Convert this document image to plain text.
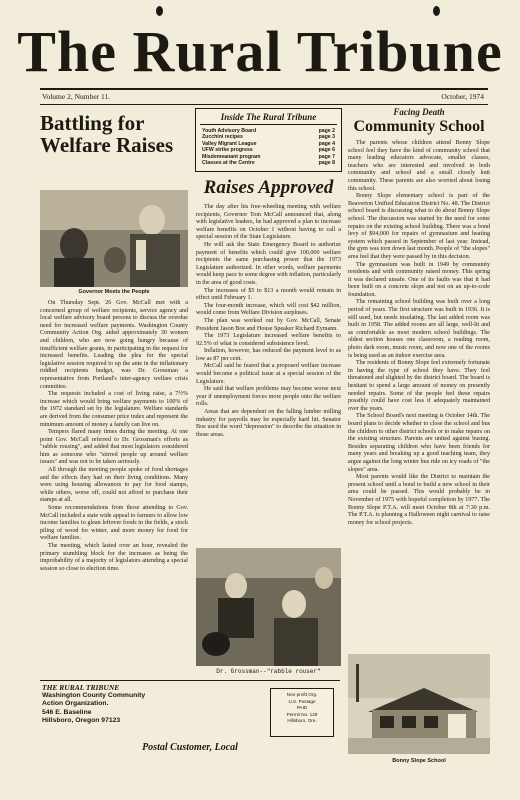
The Rural Tribune
Volume 2, Number 11.	October, 1974
Battling for Welfare Raises
Governor Meets the People

On Thursday Sept. 26 Gov. McCall met with a concerned group of welfare recipients, service agency and local welfare advisory board persons to discuss the overdue need for increased welfare payments. Washington County Community Action Org. aided approximately 30 women and children, who are now going hungry because of insufficient welfare grants, in participating in the request for increased benefits. Leading the plea for the special legislative session required to up the ante in the inflationary riddled recipients budget, was Dr. Grossman a representative from Portland's inter-agency welfare crisis committee.

The requests included a cost of living raise, a 7½% increase which would bring welfare payments to 100% of the 1972 standard set by the legislature. Welfare standards are derived from the consumer price index and represent the minimum amount of money a family can live on.

Tempers flared many times during the meeting. At one point Gov. McCall referred to Dr. Grossman's efforts as "rabble rousing", and added that most legislators considered him as someone who "stirred people up around welfare issues" and was not to be taken seriously.

All through the meeting people spoke of food shortages and the effects they had on their living conditions. Many were using housing allowances to pay for food stamps, while others, worse off, could not afford to purchase their stamps at all.

Some recommendations from those attending to Gov. McCall included a state wide appeal to farmers to allow low income families to glean leftover foods in the fields, a stock piling of wood for winter, and more money for food for welfare families.

The meeting, which lasted over an hour, revealed the primary stumbling block for the increases as being the improbability of a majority of legislators attending a special session so close to election time.

Inside The Rural Tribune
Youth Advisory Board	page 2
Zucchini recipes	page 3
Valley Migrant League	page 4
UFW strike progress	page 6
Misdemeanant program	page 7
Classes at the Centre	page 8
Raises Approved

The day after his free-wheeling meeting with welfare recipients, Governor Tom McCall announced that, along with legislative leaders, he had approved a plan to increase welfare benefits on October 1 without having to call a special session of the State Legislature.

He will ask the State Emergency Board to authorize payment of benefits which could give 100,000 welfare recipients the same purchasing power that the 1973 Legislature authorized. In other words, welfare payments would keep pace to some degree with inflation, particularly in the area of good costs.

The increases of $5 to $13 a month would remain in effect until February 1.

The four-month increase, which will cost $42 million, would come from Welfare Division surpluses.

The plan was worked out by Gov. McCall, Senate President Jason Boe and House Speaker Richard Eymann.

The 1973 Legislature increased welfare benefits to 92.5% of what is considered subsistence level.

Inflation, however, has reduced the payment level to as low as 87 per cent.

McCall said he feared that a proposed welfare increase would become a political issue at a special session of the Legislature.

He said that welfare problems may become worse next year if unemployment forces more people onto the welfare rolls.

Areas that are dependent on the falling lumber milling industry for payrolls may be especially hard hit. Senator Boe used the word "depression" to describe the situation in those areas.

Dr. Grossman--"rabble rouser"
Facing Death
Community School

The parents whose children attend Bonny Slope school feel they have the kind of community school that many leading educators advocate, smaller classes, teachers who are interested and involved in both community and school and a small closely knit community. These parents are also worried about losing this school.

Bonny Slope elementary school is part of the Beaverton Unified Education District No. 48. The District school board is discussing what to do about Bonny Slope school. The discussion was started by the need for some repairs on the existing school building. There was a bond levy of $94,000 for repairs of gymnasium and heating system which passed in September of last year. Instead, the gym was torn down last month. People of "the slopes" area feel that they were passed by in this decision.

The gymnasium was built in 1949 by community residents and with community raised money. This spring it was declared unsafe. One of its faults was that it had been built on a concrete slope and not on an up-to-code foundation.

The remaining school building was built over a long period of years. The first structure was built in 1936. It is still used, but needs insulating. The last added room was built in 1958. The added rooms are all large, well-lit and as comfortable as most modern school buildings. The oldest section houses one classroom, a reading room, photo dark room, music room, and now one of the rooms is being used as an indoor exercise area.

The residents of Bonny Slope feel extremely fortunate in having the type of school they have. They feel threatened and slighted by the district board. The board is hesitant to spend a large amount of money on presently needed repairs. Some of the people feel these repairs possibly could have cost less if adequately maintained over the years.

The School Board's next meeting is October 14th. The board plans to decide whether to close the school and bus the children to other district schools or to make repairs on the existing structure. Parents are united against busing. Besides separating children who have been friends for many years and breaking up a good teaching team, they argue against the long winter bus ride on icy roads of "the slopes" area.

Most parents would like the District to maintain the present school until a bond to build a new school in their area could be passed. This would probably be in November of 1975 with hopeful completion by 1977. The Bonny Slope P.T.A. will meet October 8th at 7:30 p.m. The P.T.A. is planning a Halloween night carnival to raise money for school projects.

Bonny Slope School
THE RURAL TRIBUNE
Washington County Community
Action Organization.
546 E. Baseline
Hillsboro, Oregon 97123
Non-profit Org.
U.S. Postage
PAID
Permit No. 129
Hillsboro, Ore.
Postal Customer, Local
